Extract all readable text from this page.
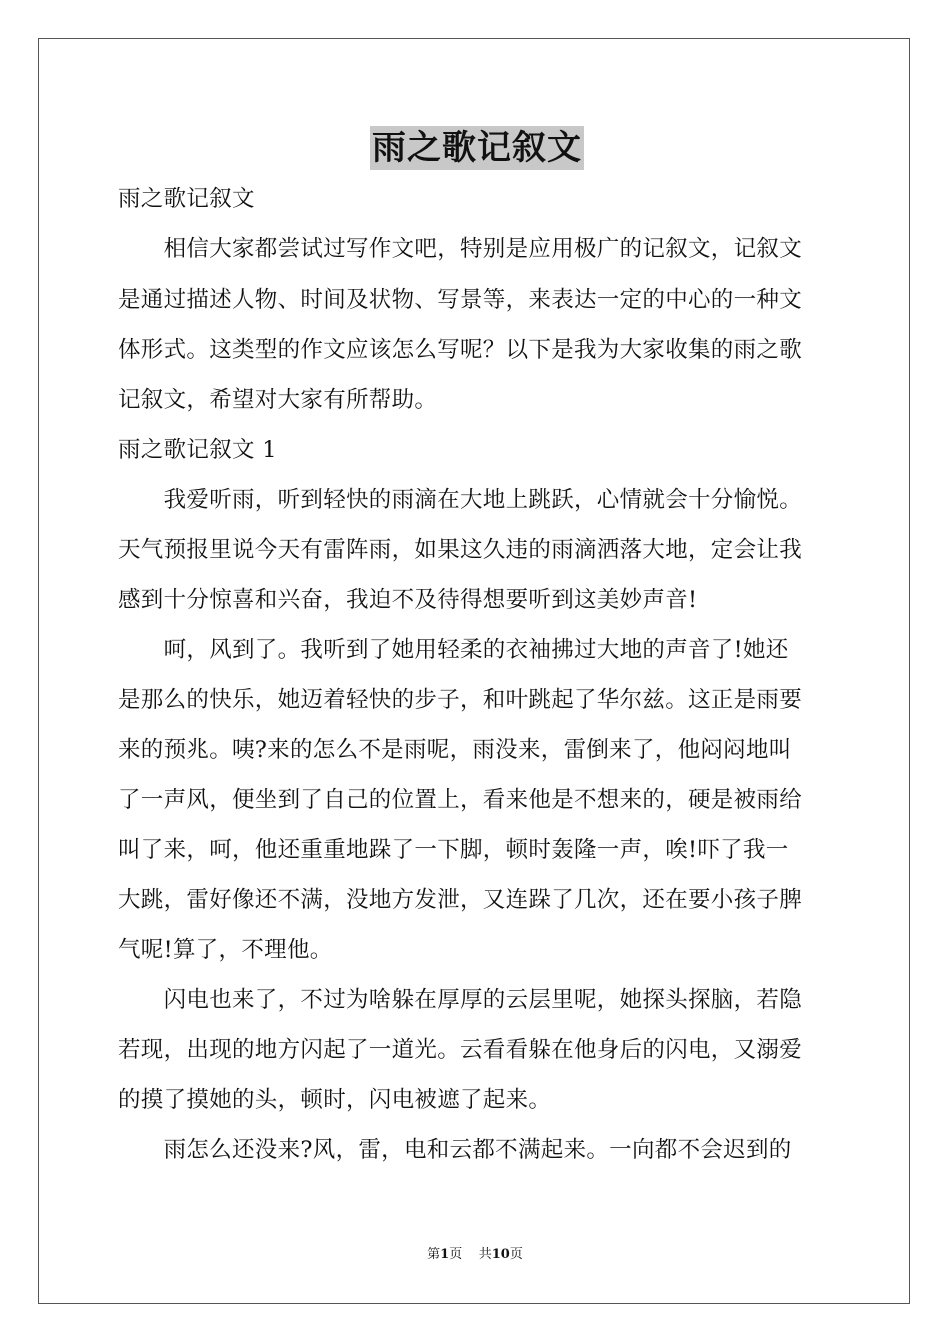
雨之歌记叙文
雨之歌记叙文
　　相信大家都尝试过写作文吧，特别是应用极广的记叙文，记叙文
是通过描述人物、时间及状物、写景等，来表达一定的中心的一种文
体形式。这类型的作文应该怎么写呢？以下是我为大家收集的雨之歌
记叙文，希望对大家有所帮助。
雨之歌记叙文 1
　　我爱听雨，听到轻快的雨滴在大地上跳跃，心情就会十分愉悦。
天气预报里说今天有雷阵雨，如果这久违的雨滴洒落大地，定会让我
感到十分惊喜和兴奋，我迫不及待得想要听到这美妙声音!
　　呵，风到了。我听到了她用轻柔的衣袖拂过大地的声音了!她还
是那么的快乐，她迈着轻快的步子，和叶跳起了华尔兹。这正是雨要
来的预兆。咦?来的怎么不是雨呢，雨没来，雷倒来了，他闷闷地叫
了一声风，便坐到了自己的位置上，看来他是不想来的，硬是被雨给
叫了来，呵，他还重重地跺了一下脚，顿时轰隆一声，唉!吓了我一
大跳，雷好像还不满，没地方发泄，又连跺了几次，还在要小孩子脾
气呢!算了，不理他。
　　闪电也来了，不过为啥躲在厚厚的云层里呢，她探头探脑，若隐
若现，出现的地方闪起了一道光。云看看躲在他身后的闪电，又溺爱
的摸了摸她的头，顿时，闪电被遮了起来。
　　雨怎么还没来?风，雷，电和云都不满起来。一向都不会迟到的
第1页 共10页
